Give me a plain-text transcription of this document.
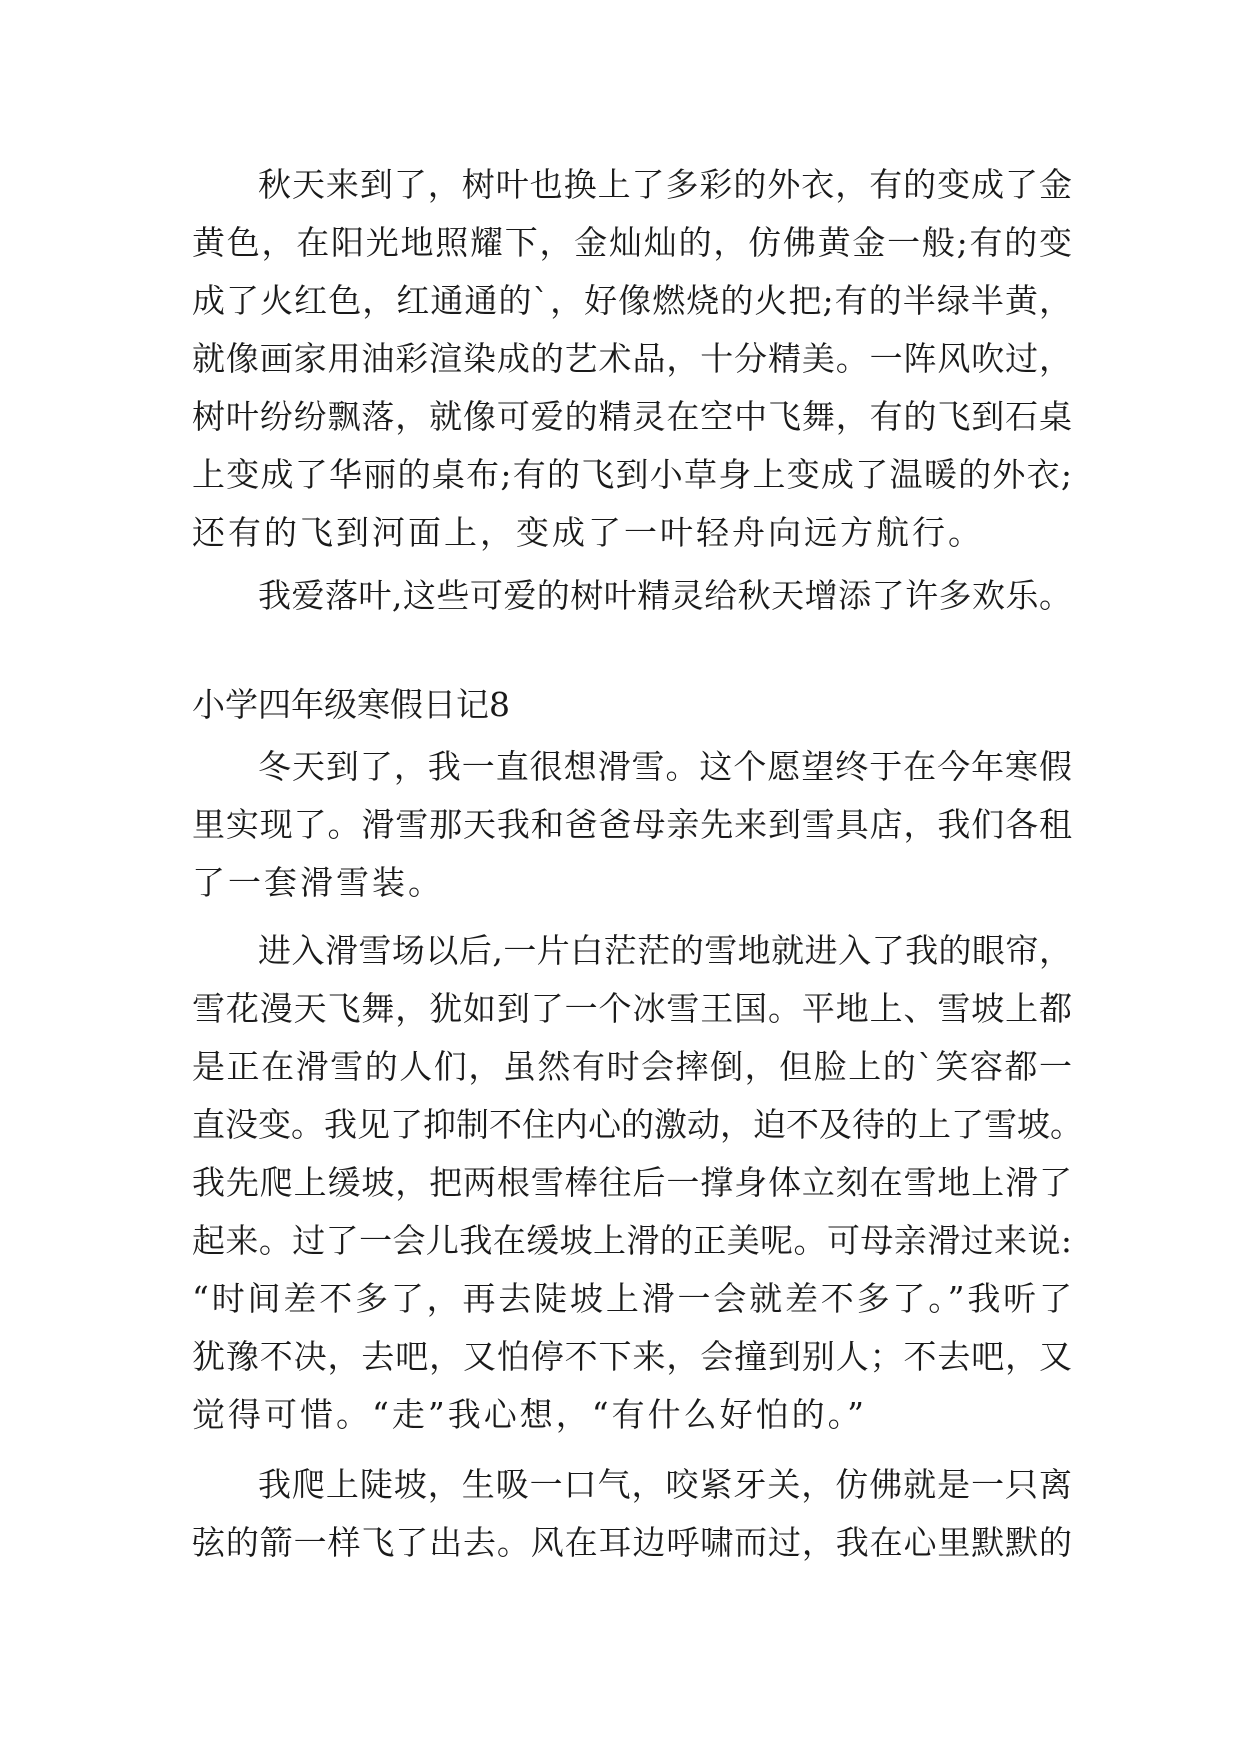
秋天来到了，树叶也换上了多彩的外衣，有的变成了金
黄色，在阳光地照耀下，金灿灿的，仿佛黄金一般;有的变
成了火红色，红通通的`，好像燃烧的火把;有的半绿半黄，
就像画家用油彩渲染成的艺术品，十分精美。一阵风吹过，
树叶纷纷飘落，就像可爱的精灵在空中飞舞，有的飞到石桌
上变成了华丽的桌布;有的飞到小草身上变成了温暖的外衣;
还有的飞到河面上，变成了一叶轻舟向远方航行。
我爱落叶,这些可爱的树叶精灵给秋天增添了许多欢乐。
小学四年级寒假日记8
冬天到了，我一直很想滑雪。这个愿望终于在今年寒假
里实现了。滑雪那天我和爸爸母亲先来到雪具店，我们各租
了一套滑雪装。
进入滑雪场以后,一片白茫茫的雪地就进入了我的眼帘，
雪花漫天飞舞，犹如到了一个冰雪王国。平地上、雪坡上都
是正在滑雪的人们，虽然有时会摔倒，但脸上的`笑容都一
直没变。我见了抑制不住内心的激动，迫不及待的上了雪坡。
我先爬上缓坡，把两根雪棒往后一撑身体立刻在雪地上滑了
起来。过了一会儿我在缓坡上滑的正美呢。可母亲滑过来说:
“时间差不多了，再去陡坡上滑一会就差不多了。”我听了
犹豫不决，去吧，又怕停不下来，会撞到别人；不去吧，又
觉得可惜。“走”我心想，“有什么好怕的。”
我爬上陡坡，生吸一口气，咬紧牙关，仿佛就是一只离
弦的箭一样飞了出去。风在耳边呼啸而过，我在心里默默的
